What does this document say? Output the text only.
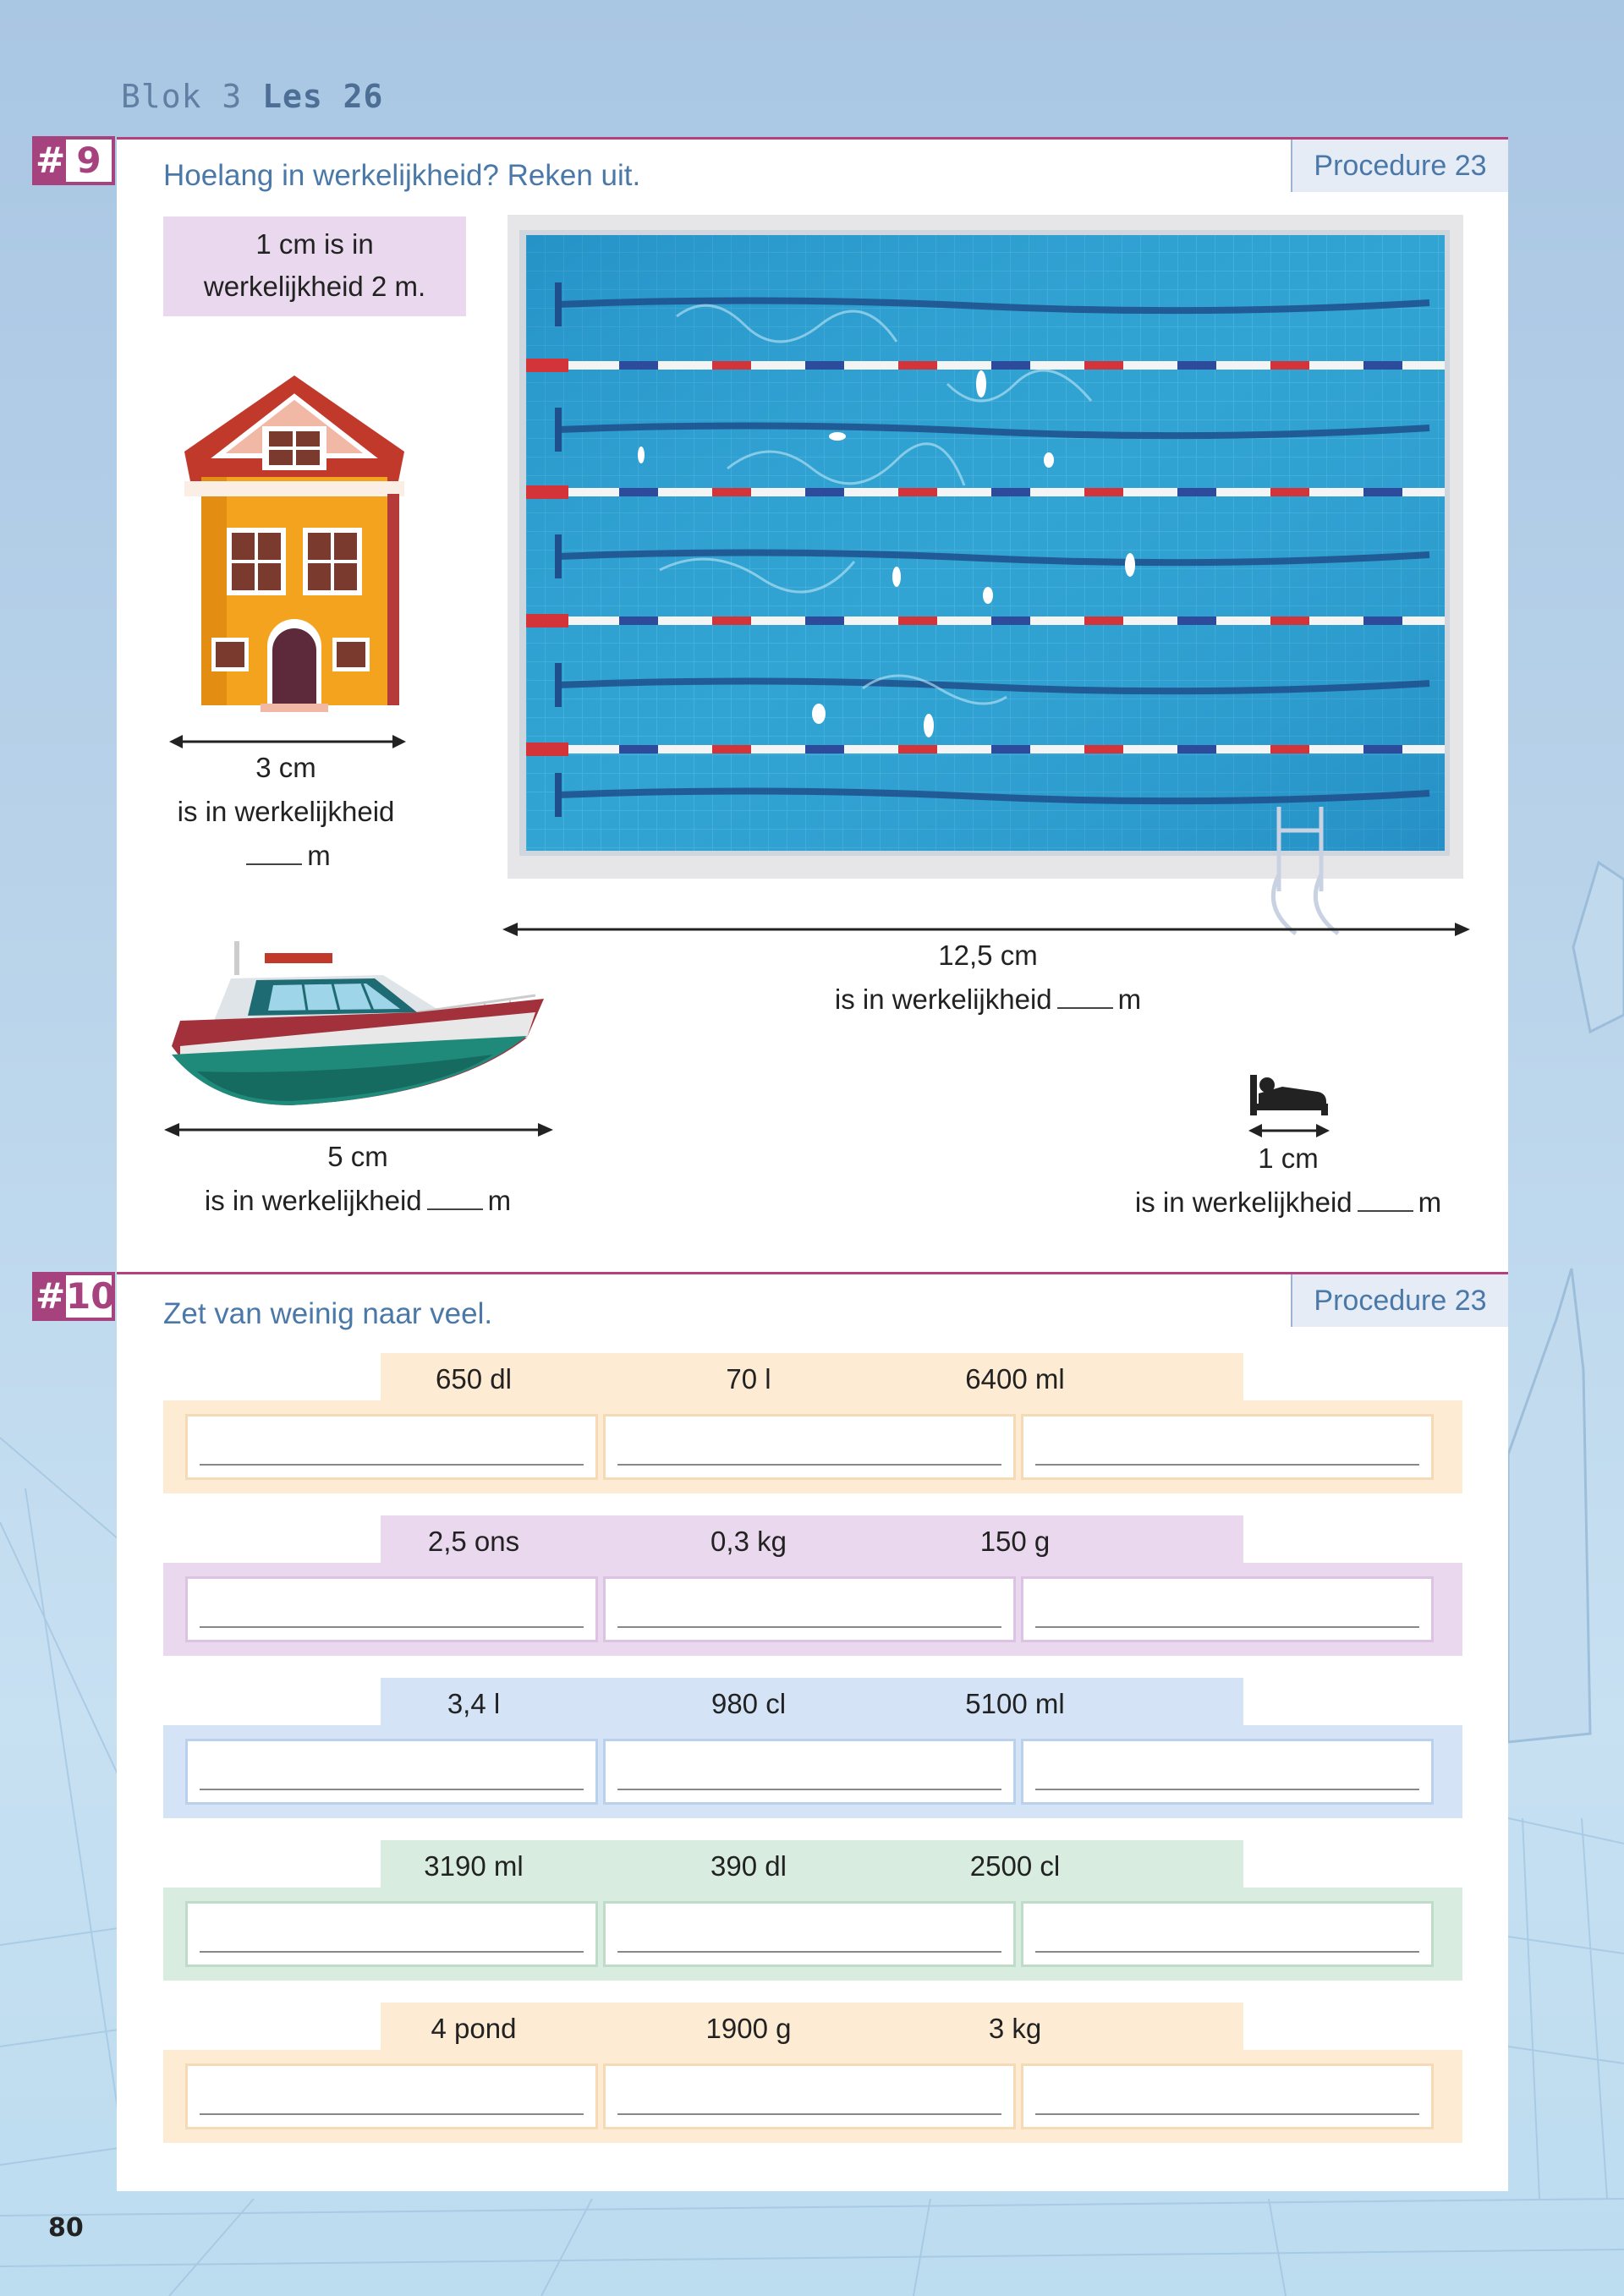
Blok 3 Les 26
# 9	Procedure 23
Hoelang in werkelijkheid? Reken uit.
1 cm is in
werkelijkheid 2 m.
3 cm
is in werkelijkheid
m
12,5 cm
is in werkelijkheid m
5 cm
is in werkelijkheid m
1 cm
is in werkelijkheid m
# 10	Procedure 23
Zet van weinig naar veel.
650 dl	70 l	6400 ml
2,5 ons	0,3 kg	150 g
3,4 l	980 cl	5100 ml
3190 ml	390 dl	2500 cl
4 pond	1900 g	3 kg
80
